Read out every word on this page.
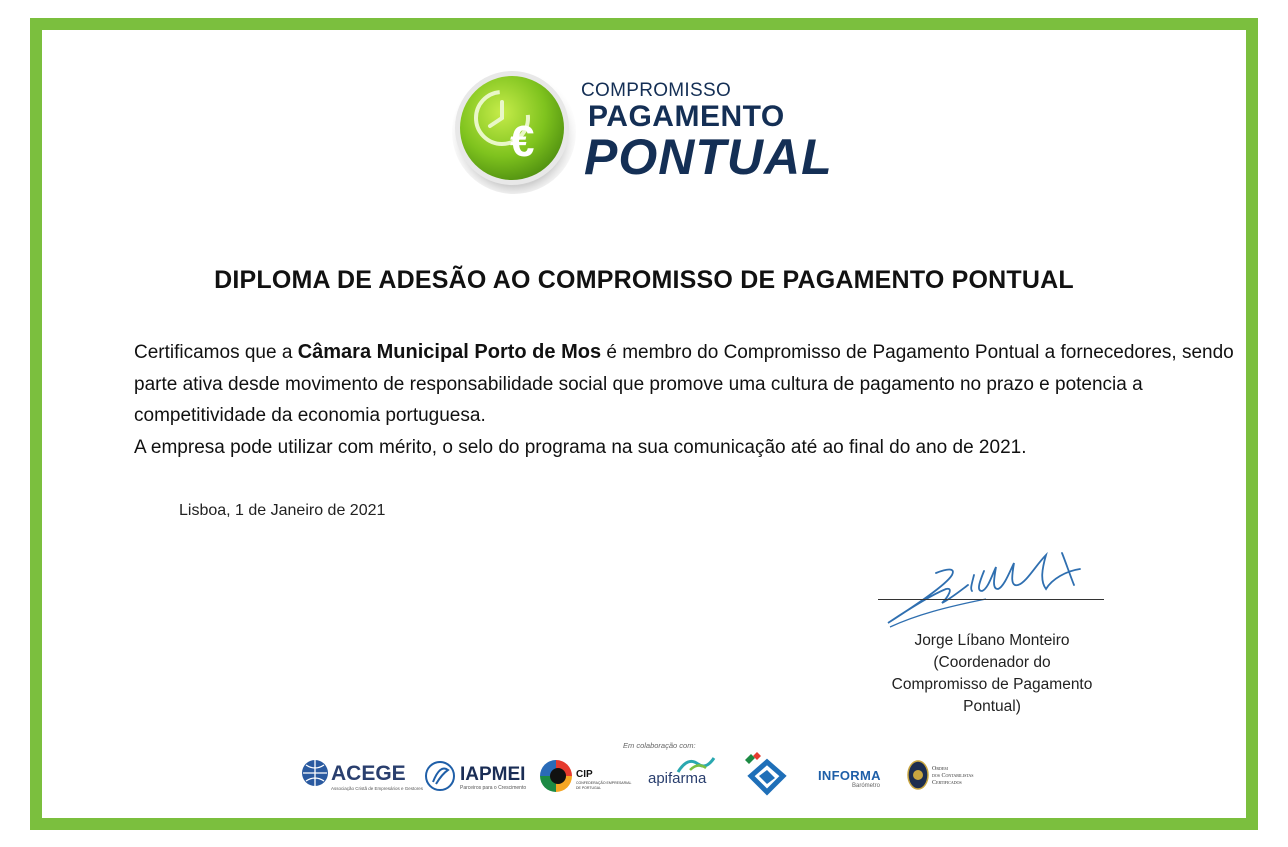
€
COMPROMISSO
PAGAMENTO
PONTUAL
DIPLOMA DE ADESÃO AO COMPROMISSO DE PAGAMENTO PONTUAL
Certificamos que a Câmara Municipal Porto de Mos é membro do Compromisso de Pagamento Pontual a fornecedores, sendo parte ativa desde movimento de responsabilidade social que promove uma cultura de pagamento no prazo e potencia a competitividade da economia portuguesa.
A empresa pode utilizar com mérito, o selo do programa na sua comunicação até ao final do ano de 2021.
Lisboa, 1 de Janeiro de 2021
Jorge Líbano Monteiro
(Coordenador do Compromisso de Pagamento Pontual)
Em colaboração com:
ACEGE
Associação Cristã de Empresários e Gestores
IAPMEI
Parceiros para o Crescimento
CIP
CONFEDERAÇÃO EMPRESARIAL DE PORTUGAL
apifarma	INFORMA
Barómetro
Ordem
dos Contabilistas
Certificados
